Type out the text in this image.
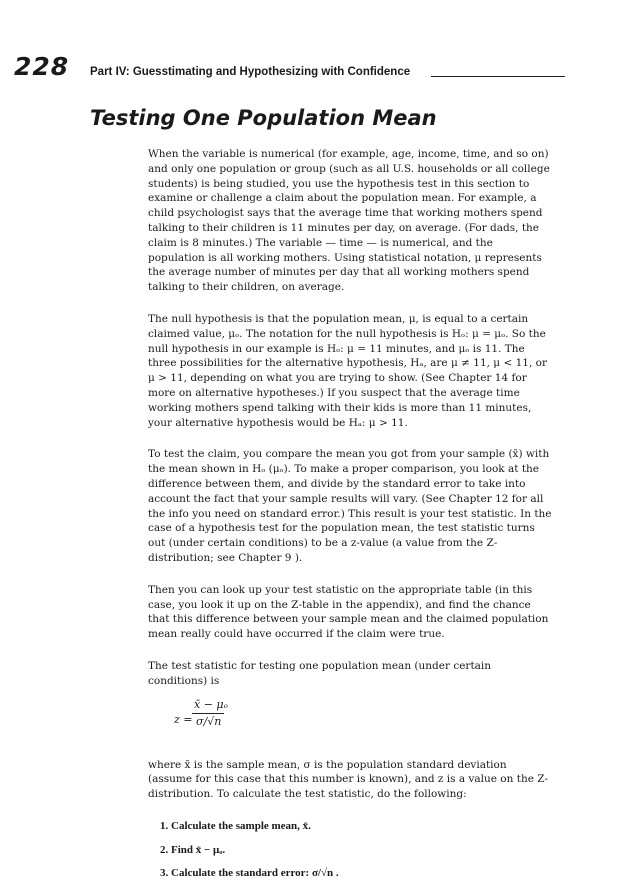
228 Part IV: Guesstimating and Hypothesizing with Confidence
Testing One Population Mean

When the variable is numerical (for example, age, income, time, and so on) and only one population or group (such as all U.S. households or all college students) is being studied, you use the hypothesis test in this section to examine or challenge a claim about the population mean. For example, a child psychologist says that the average time that working mothers spend talking to their children is 11 minutes per day, on average. (For dads, the claim is 8 minutes.) The variable — time — is numerical, and the population is all working mothers. Using statistical notation, μ represents the average number of minutes per day that all working mothers spend talking to their children, on average.

The null hypothesis is that the population mean, μ, is equal to a certain claimed value, μₒ. The notation for the null hypothesis is Hₒ: μ = μₒ. So the null hypothesis in our example is Hₒ: μ = 11 minutes, and μₒ is 11. The three possibilities for the alternative hypothesis, Hₐ, are μ ≠ 11, μ < 11, or μ > 11, depending on what you are trying to show. (See Chapter 14 for more on alternative hypotheses.) If you suspect that the average time working mothers spend talking with their kids is more than 11 minutes, your alternative hypothesis would be Hₐ: μ > 11.

To test the claim, you compare the mean you got from your sample (x̄) with the mean shown in Hₒ (μₒ). To make a proper comparison, you look at the difference between them, and divide by the standard error to take into account the fact that your sample results will vary. (See Chapter 12 for all the info you need on standard error.) This result is your test statistic. In the case of a hypothesis test for the population mean, the test statistic turns out (under certain conditions) to be a z-value (a value from the Z-distribution; see Chapter 9 ).

Then you can look up your test statistic on the appropriate table (in this case, you look it up on the Z-table in the appendix), and find the chance that this difference between your sample mean and the claimed population mean really could have occurred if the claim were true.

The test statistic for testing one population mean (under certain conditions) is

z =
x̄ − μₒ
σ/√n

where x̄ is the sample mean, σ is the population standard deviation (assume for this case that this number is known), and z is a value on the Z-distribution. To calculate the test statistic, do the following:

1. Calculate the sample mean, x̄.
2. Find x̄ − μₒ.
3. Calculate the standard error: σ/√n .
